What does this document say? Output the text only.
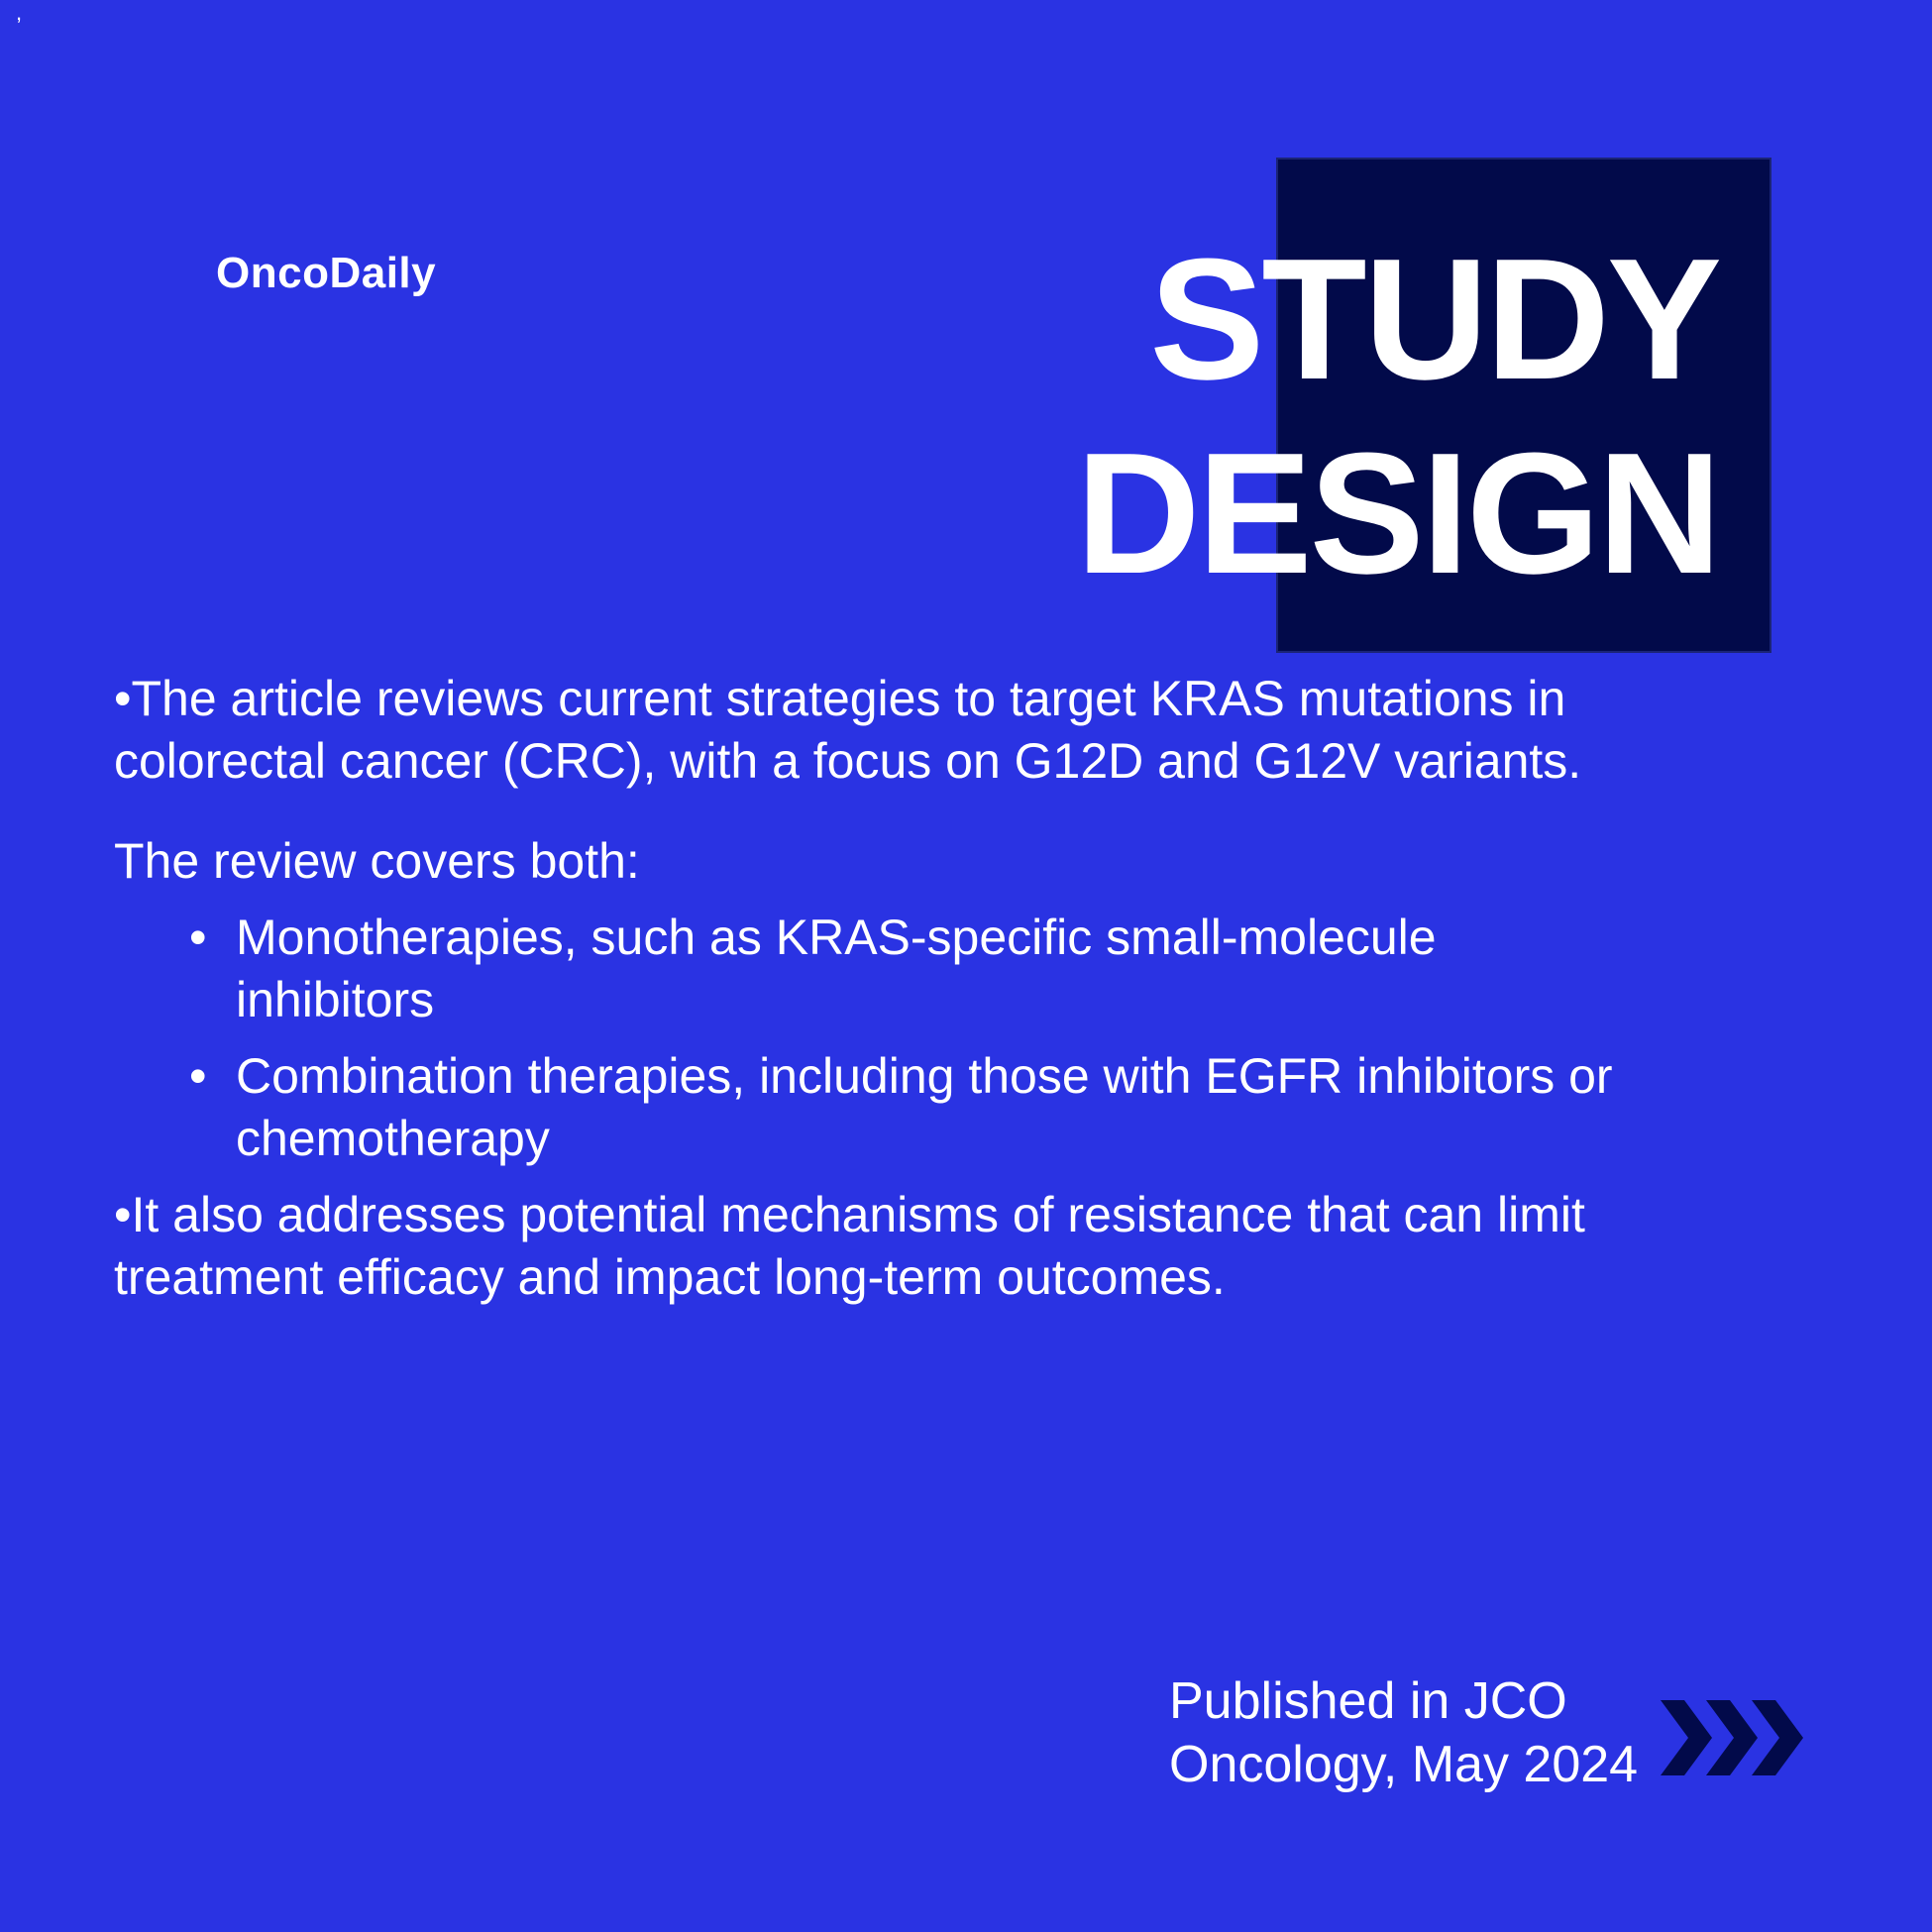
,
OncoDaily	STUDY
DESIGN

•The article reviews current strategies to target KRAS mutations in colorectal cancer (CRC), with a focus on G12D and G12V variants.

The review covers both:

• Monotherapies, such as KRAS-specific small-molecule inhibitors
• Combination therapies, including those with EGFR inhibitors or chemotherapy

•It also addresses potential mechanisms of resistance that can limit treatment efficacy and impact long-term outcomes.

Published in JCO
Oncology, May 2024
